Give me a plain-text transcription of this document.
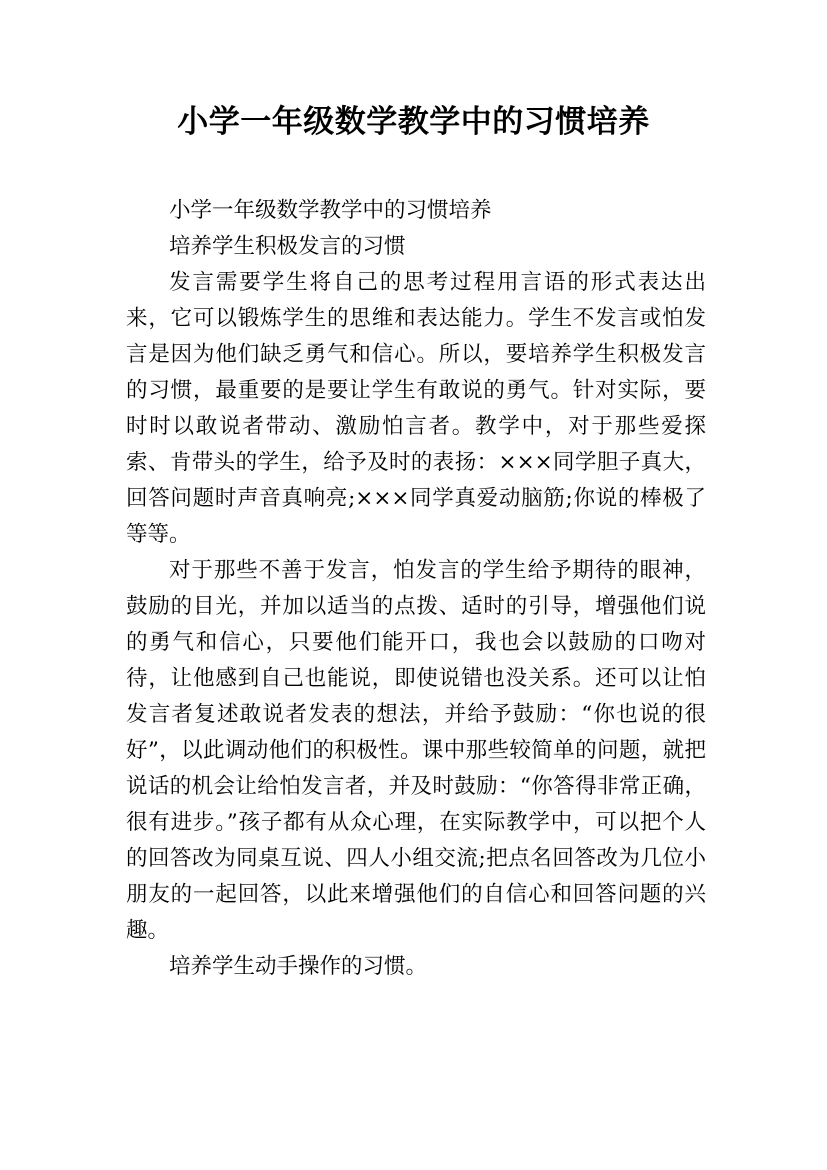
小学一年级数学教学中的习惯培养

小学一年级数学教学中的习惯培养

培养学生积极发言的习惯

发言需要学生将自己的思考过程用言语的形式表达出来，它可以锻炼学生的思维和表达能力。学生不发言或怕发言是因为他们缺乏勇气和信心。所以，要培养学生积极发言的习惯，最重要的是要让学生有敢说的勇气。针对实际，要时时以敢说者带动、激励怕言者。教学中，对于那些爱探索、肯带头的学生，给予及时的表扬：×××同学胆子真大，回答问题时声音真响亮;×××同学真爱动脑筋;你说的棒极了等等。

对于那些不善于发言，怕发言的学生给予期待的眼神，鼓励的目光，并加以适当的点拨、适时的引导，增强他们说的勇气和信心，只要他们能开口，我也会以鼓励的口吻对待，让他感到自己也能说，即使说错也没关系。还可以让怕发言者复述敢说者发表的想法，并给予鼓励：“你也说的很好”，以此调动他们的积极性。课中那些较简单的问题，就把说话的机会让给怕发言者，并及时鼓励：“你答得非常正确，很有进步。”孩子都有从众心理，在实际教学中，可以把个人的回答改为同桌互说、四人小组交流;把点名回答改为几位小朋友的一起回答，以此来增强他们的自信心和回答问题的兴趣。

培养学生动手操作的习惯。
